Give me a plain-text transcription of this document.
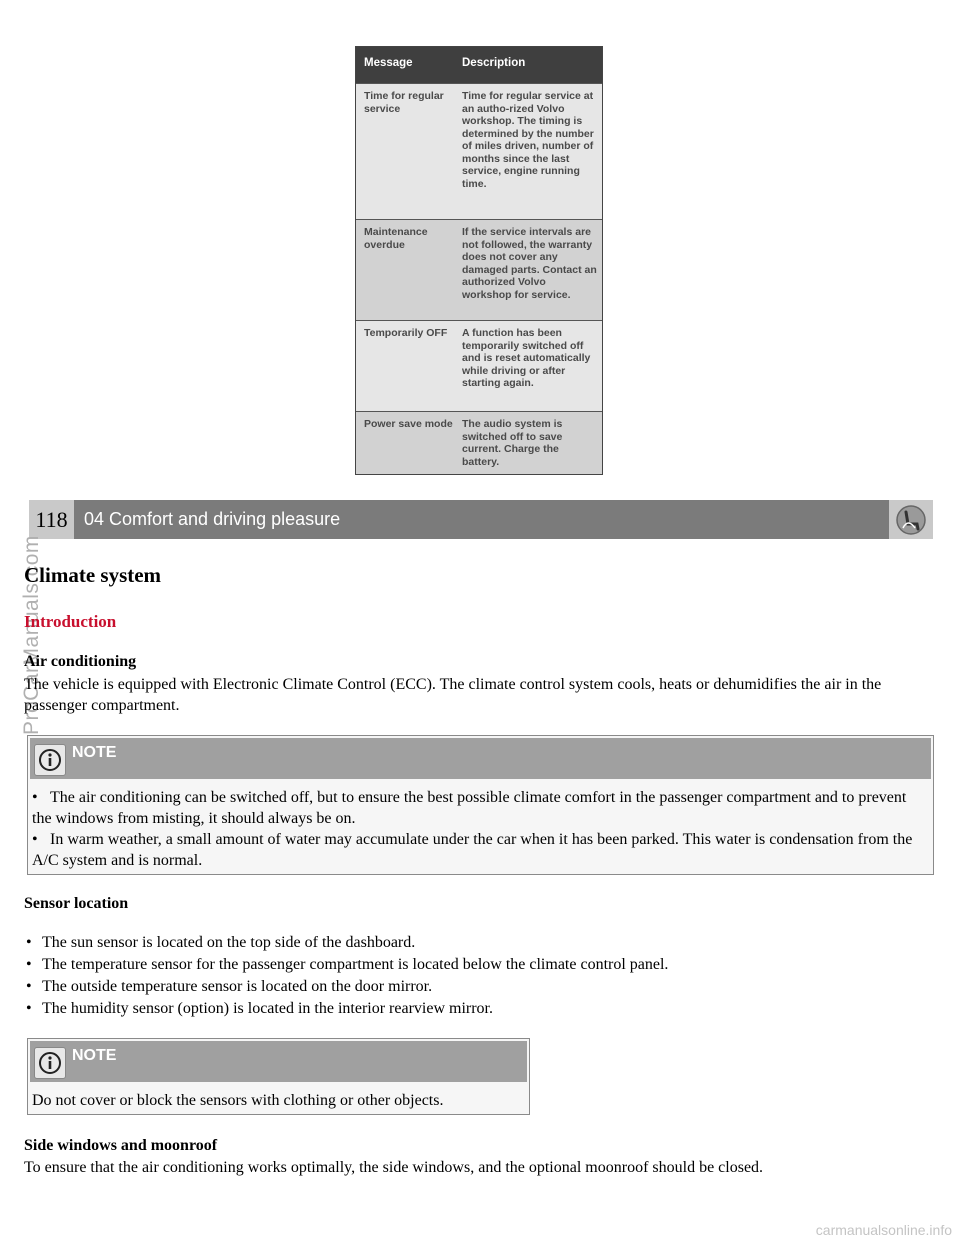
Message	Description
Time for regular service
Time for regular service at an autho-rized Volvo workshop. The timing is determined by the number of miles driven, number of months since the last service, engine running time.
Maintenance overdue
If the service intervals are not followed, the warranty does not cover any damaged parts. Contact an authorized Volvo workshop for service.
Temporarily OFF	A function has been temporarily switched off and is reset automatically while driving or after starting again.
Power save mode The audio system is switched off to save current. Charge the battery.
118 04 Comfort and driving pleasure
ProCarManuals.com
Climate system
Introduction
Air conditioning
The vehicle is equipped with Electronic Climate Control (ECC). The climate control system cools, heats or dehumidifies the air in the passenger compartment.
NOTE
• The air conditioning can be switched off, but to ensure the best possible climate comfort in the passenger compartment and to prevent the windows from misting, it should always be on.
• In warm weather, a small amount of water may accumulate under the car when it has been parked. This water is condensation from the A/C system and is normal.
Sensor location
• The sun sensor is located on the top side of the dashboard.
• The temperature sensor for the passenger compartment is located below the climate control panel.
• The outside temperature sensor is located on the door mirror.
• The humidity sensor (option) is located in the interior rearview mirror.
NOTE
Do not cover or block the sensors with clothing or other objects.
Side windows and moonroof
To ensure that the air conditioning works optimally, the side windows, and the optional moonroof should be closed.
carmanualsonline.info
